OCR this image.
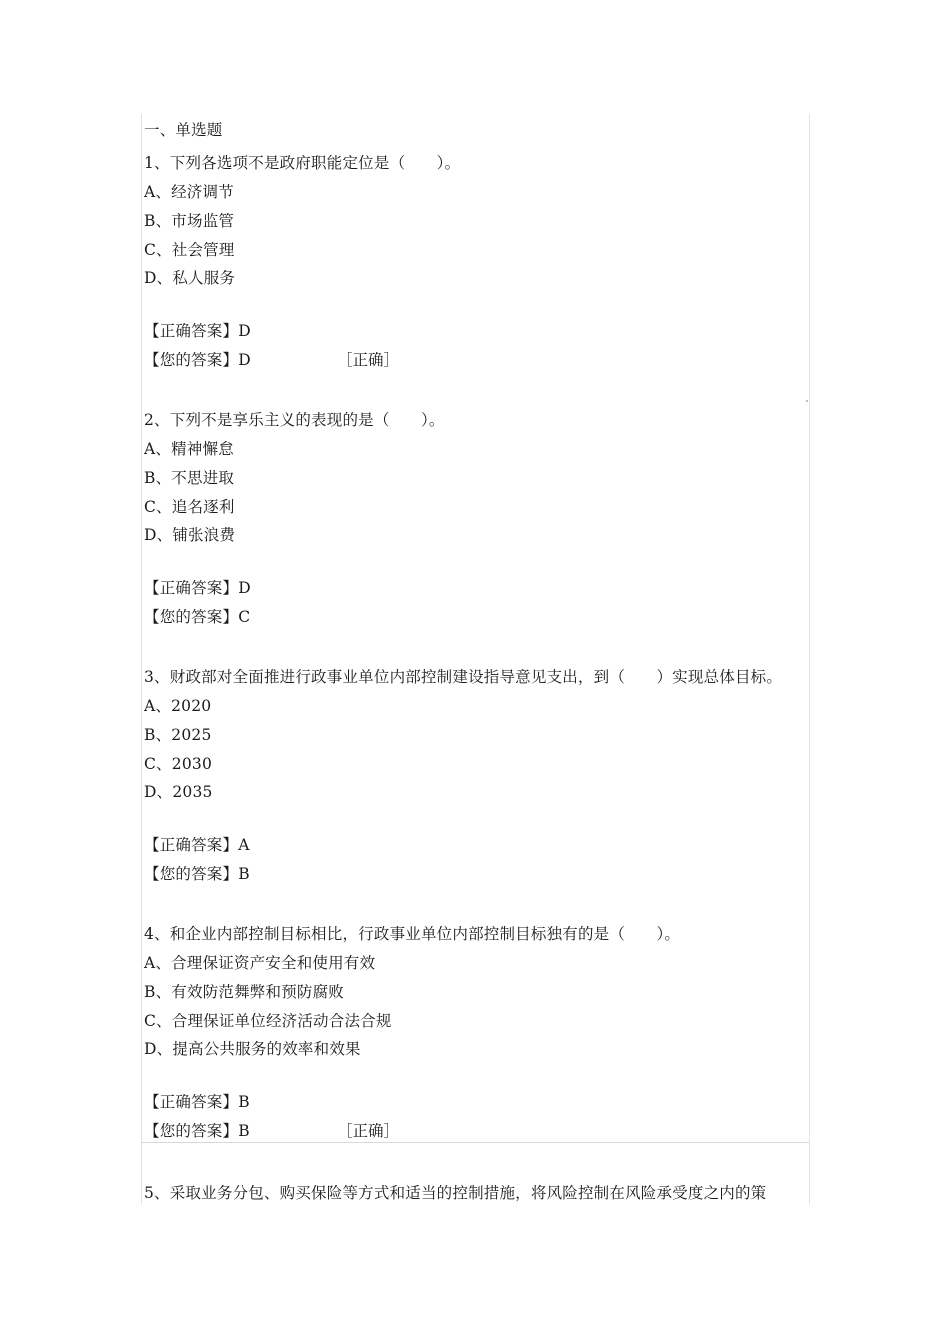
一、单选题
1、下列各选项不是政府职能定位是（　　）。
A、经济调节
B、市场监管
C、社会管理
D、私人服务
【正确答案】D
【您的答案】D	［正确］
2、下列不是享乐主义的表现的是（　　）。
A、精神懈怠
B、不思进取
C、追名逐利
D、铺张浪费
【正确答案】D
【您的答案】C
3、财政部对全面推进行政事业单位内部控制建设指导意见支出，到（　　）实现总体目标。
A、2020
B、2025
C、2030
D、2035
【正确答案】A
【您的答案】B
4、和企业内部控制目标相比，行政事业单位内部控制目标独有的是（　　）。
A、合理保证资产安全和使用有效
B、有效防范舞弊和预防腐败
C、合理保证单位经济活动合法合规
D、提高公共服务的效率和效果
【正确答案】B
【您的答案】B	［正确］
5、采取业务分包、购买保险等方式和适当的控制措施，将风险控制在风险承受度之内的策
